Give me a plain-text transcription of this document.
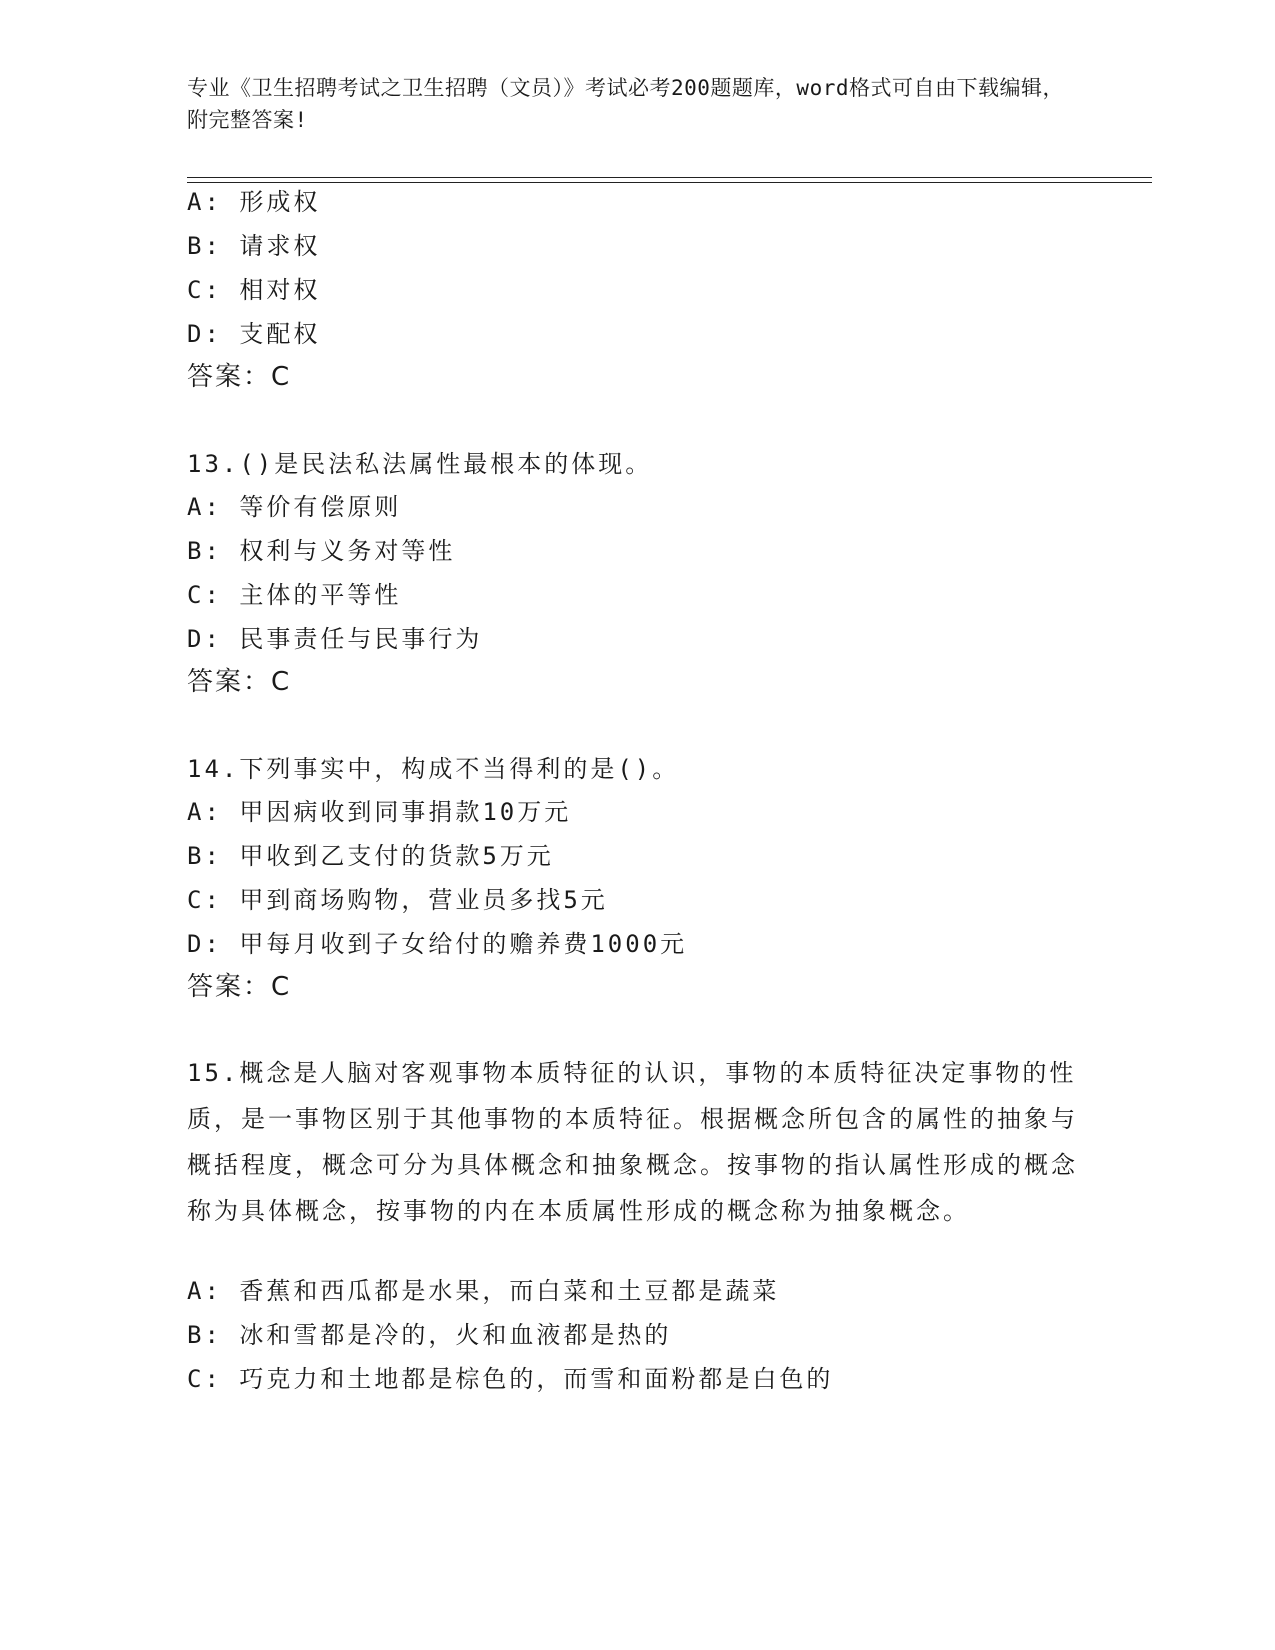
专业《卫生招聘考试之卫生招聘（文员）》考试必考200题题库，word格式可自由下载编辑，附完整答案!
A: 形成权
B: 请求权
C: 相对权
D: 支配权
答案：C
13.()是民法私法属性最根本的体现。
A: 等价有偿原则
B: 权利与义务对等性
C: 主体的平等性
D: 民事责任与民事行为
答案：C
14.下列事实中，构成不当得利的是()。
A: 甲因病收到同事捐款10万元
B: 甲收到乙支付的货款5万元
C: 甲到商场购物，营业员多找5元
D: 甲每月收到子女给付的赡养费1000元
答案：C
15.概念是人脑对客观事物本质特征的认识，事物的本质特征决定事物的性质，是一事物区别于其他事物的本质特征。根据概念所包含的属性的抽象与概括程度，概念可分为具体概念和抽象概念。按事物的指认属性形成的概念称为具体概念，按事物的内在本质属性形成的概念称为抽象概念。
A: 香蕉和西瓜都是水果，而白菜和土豆都是蔬菜
B: 冰和雪都是冷的，火和血液都是热的
C: 巧克力和土地都是棕色的，而雪和面粉都是白色的
